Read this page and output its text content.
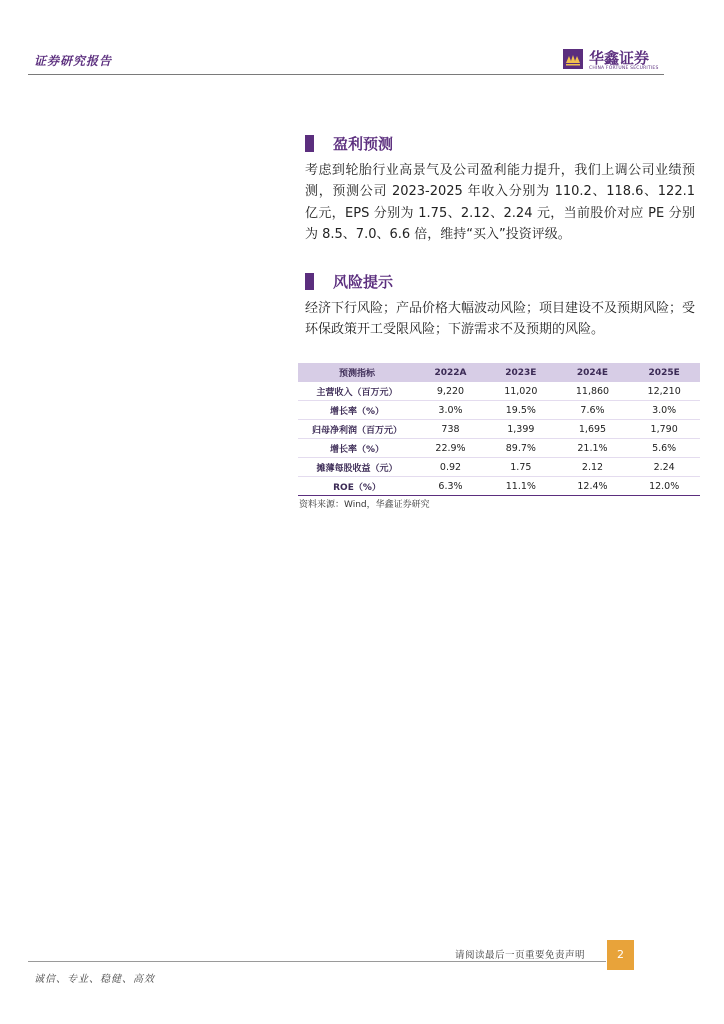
证券研究报告	华鑫证券
CHINA FORTUNE SECURITIES
盈利预测
考虑到轮胎行业高景气及公司盈利能力提升，我们上调公司业绩预测，预测公司 2023-2025 年收入分别为 110.2、118.6、122.1 亿元，EPS 分别为 1.75、2.12、2.24 元，当前股价对应 PE 分别为 8.5、7.0、6.6 倍，维持“买入”投资评级。
风险提示
经济下行风险；产品价格大幅波动风险；项目建设不及预期风险；受环保政策开工受限风险；下游需求不及预期的风险。
预测指标	2022A	2023E	2024E	2025E
主营收入（百万元）	9,220	11,020	11,860	12,210
增长率（%）	3.0%	19.5%	7.6%	3.0%
归母净利润（百万元）	738	1,399	1,695	1,790
增长率（%）	22.9%	89.7%	21.1%	5.6%
摊薄每股收益（元）	0.92	1.75	2.12	2.24
ROE（%）	6.3%	11.1%	12.4%	12.0%
资料来源：Wind，华鑫证券研究
请阅读最后一页重要免责声明	2
诚信、专业、稳健、高效
